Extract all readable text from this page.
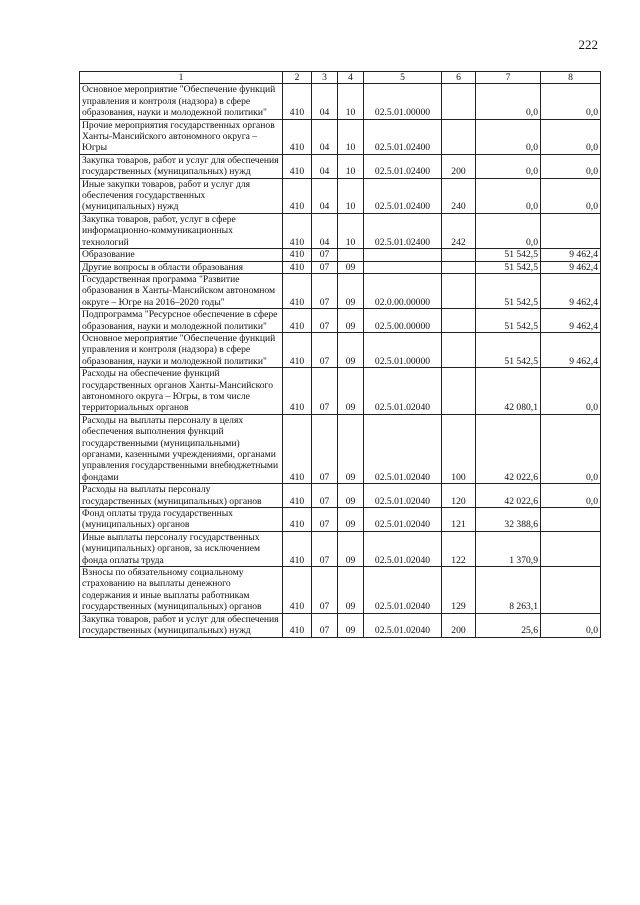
222
1	2	3	4	5	6	7	8
Основное мероприятие "Обеспечение функций управления и контроля (надзора) в сфере образования, науки и молодежной политики"	410	04	10	02.5.01.00000		0,0	0,0
Прочие мероприятия государственных органов Ханты-Мансийского автономного округа – Югры	410	04	10	02.5.01.02400		0,0	0,0
Закупка товаров, работ и услуг для обеспечения государственных (муниципальных) нужд	410	04	10	02.5.01.02400	200	0,0	0,0
Иные закупки товаров, работ и услуг для обеспечения государственных (муниципальных) нужд	410	04	10	02.5.01.02400	240	0,0	0,0
Закупка товаров, работ, услуг в сфере информационно-коммуникационных технологий	410	04	10	02.5.01.02400	242	0,0	
Образование	410	07				51 542,5	9 462,4
Другие вопросы в области образования	410	07	09			51 542,5	9 462,4
Государственная программа "Развитие образования в Ханты-Мансийском автономном округе – Югре на 2016–2020 годы"	410	07	09	02.0.00.00000		51 542,5	9 462,4
Подпрограмма "Ресурсное обеспечение в сфере образования, науки и молодежной политики"	410	07	09	02.5.00.00000		51 542,5	9 462,4
Основное мероприятие "Обеспечение функций управления и контроля (надзора) в сфере образования, науки и молодежной политики"	410	07	09	02.5.01.00000		51 542,5	9 462,4
Расходы на обеспечение функций государственных органов Ханты-Мансийского автономного округа – Югры, в том числе территориальных органов	410	07	09	02.5.01.02040		42 080,1	0,0
Расходы на выплаты персоналу в целях обеспечения выполнения функций государственными (муниципальными) органами, казенными учреждениями, органами управления государственными внебюджетными фондами	410	07	09	02.5.01.02040	100	42 022,6	0,0
Расходы на выплаты персоналу государственных (муниципальных) органов	410	07	09	02.5.01.02040	120	42 022,6	0,0
Фонд оплаты труда государственных (муниципальных) органов	410	07	09	02.5.01.02040	121	32 388,6	
Иные выплаты персоналу государственных (муниципальных) органов, за исключением фонда оплаты труда	410	07	09	02.5.01.02040	122	1 370,9	
Взносы по обязательному социальному страхованию на выплаты денежного содержания и иные выплаты работникам государственных (муниципальных) органов	410	07	09	02.5.01.02040	129	8 263,1	
Закупка товаров, работ и услуг для обеспечения государственных (муниципальных) нужд	410	07	09	02.5.01.02040	200	25,6	0,0
